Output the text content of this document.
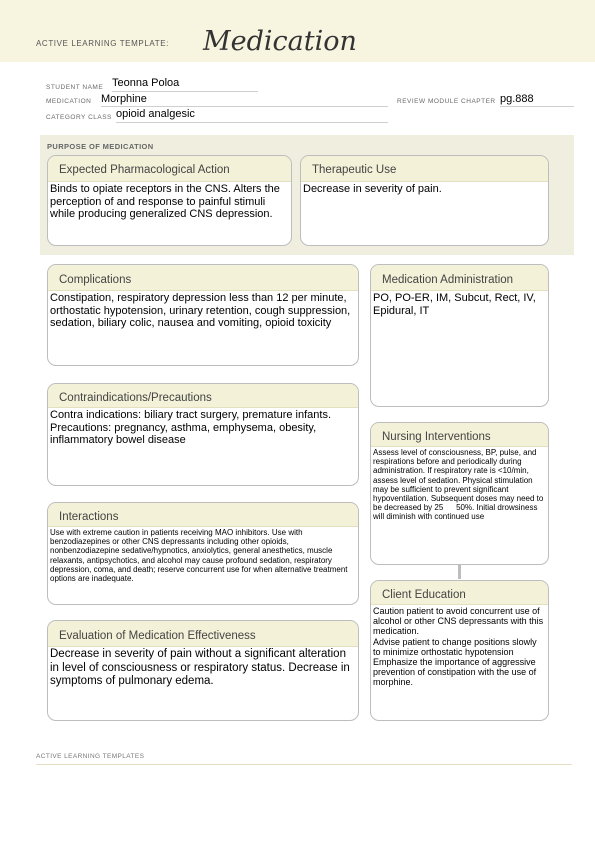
ACTIVE LEARNING TEMPLATE: Medication
STUDENT NAME Teonna Poloa
MEDICATION Morphine	REVIEW MODULE CHAPTER pg.888
CATEGORY CLASS opioid analgesic
PURPOSE OF MEDICATION
Expected Pharmacological Action
Binds to opiate receptors in the CNS. Alters the perception of and response to painful stimuli while producing generalized CNS depression.
Therapeutic Use
Decrease in severity of pain.
Complications
Constipation, respiratory depression less than 12 per minute, orthostatic hypotension, urinary retention, cough suppression, sedation, biliary colic, nausea and vomiting, opioid toxicity
Medication Administration
PO, PO-ER, IM, Subcut, Rect, IV, Epidural, IT
Contraindications/Precautions
Contra indications: biliary tract surgery, premature infants. Precautions: pregnancy, asthma, emphysema, obesity, inflammatory bowel disease	Nursing Interventions
Assess level of consciousness, BP, pulse, and respirations before and periodically during administration. If respiratory rate is <10/min, assess level of sedation. Physical stimulation may be sufficient to prevent significant hypoventilation. Subsequent doses may need to be decreased by 2550%. Initial drowsiness will diminish with continued use
Interactions
Use with extreme caution in patients receiving MAO inhibitors. Use with benzodiazepines or other CNS depressants including other opioids, nonbenzodiazepine sedative/hypnotics, anxiolytics, general anesthetics, muscle relaxants, antipsychotics, and alcohol may cause profound sedation, respiratory depression, coma, and death; reserve concurrent use for when alternative treatment options are inadequate.
Client Education
Caution patient to avoid concurrent use of alcohol or other CNS depressants with this medication.
Advise patient to change positions slowly to minimize orthostatic hypotension
Emphasize the importance of aggressive prevention of constipation with the use of morphine.
Evaluation of Medication Effectiveness
Decrease in severity of pain without a significant alteration in level of consciousness or respiratory status. Decrease in symptoms of pulmonary edema.
ACTIVE LEARNING TEMPLATES
